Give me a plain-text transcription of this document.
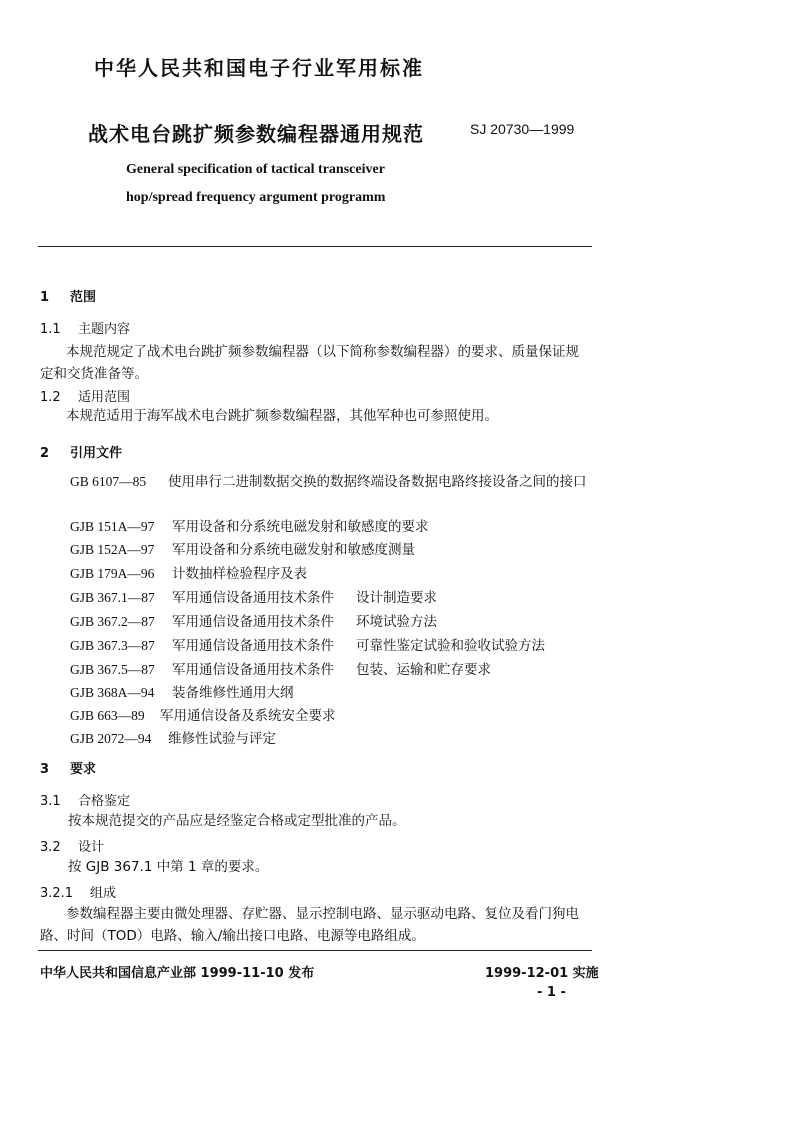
中华人民共和国电子行业军用标准
战术电台跳扩频参数编程器通用规范	SJ 20730—1999
General specification of tactical transceiver
hop/spread frequency argument programm
1 范围
1.1 主题内容
本规范规定了战术电台跳扩频参数编程器（以下简称参数编程器）的要求、质量保证规定和交货准备等。
1.2 适用范围
本规范适用于海军战术电台跳扩频参数编程器，其他军种也可参照使用。
2 引用文件
GB 6107—85 使用串行二进制数据交换的数据终端设备数据电路终接设备之间的接口
GJB 151A—97 军用设备和分系统电磁发射和敏感度的要求
GJB 152A—97 军用设备和分系统电磁发射和敏感度测量
GJB 179A—96 计数抽样检验程序及表
GJB 367.1—87 军用通信设备通用技术条件 设计制造要求
GJB 367.2—87 军用通信设备通用技术条件 环境试验方法
GJB 367.3—87 军用通信设备通用技术条件 可靠性鉴定试验和验收试验方法
GJB 367.5—87 军用通信设备通用技术条件 包装、运输和贮存要求
GJB 368A—94 装备维修性通用大纲
GJB 663—89 军用通信设备及系统安全要求
GJB 2072—94 维修性试验与评定
3 要求
3.1 合格鉴定
按本规范提交的产品应是经鉴定合格或定型批准的产品。
3.2 设计
按 GJB 367.1 中第 1 章的要求。
3.2.1 组成
参数编程器主要由微处理器、存贮器、显示控制电路、显示驱动电路、复位及看门狗电路、时间（TOD）电路、输入/输出接口电路、电源等电路组成。
中华人民共和国信息产业部 1999-11-10 发布	1999-12-01 实施
- 1 -
